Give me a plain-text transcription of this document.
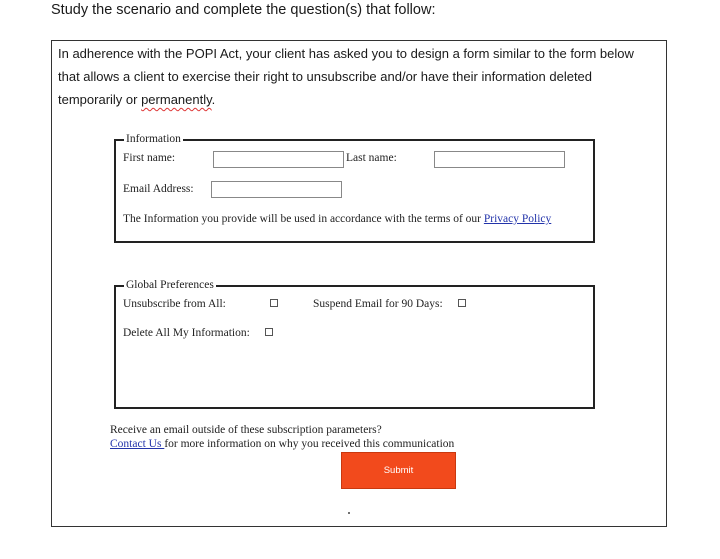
Study the scenario and complete the question(s) that follow:
In adherence with the POPI Act, your client has asked you to design a form similar to the form below that allows a client to exercise their right to unsubscribe and/or have their information deleted temporarily or permanently.
Information
First name:	Last name:
Email Address:
The Information you provide will be used in accordance with the terms of our Privacy Policy
Global Preferences
Unsubscribe from All:	Suspend Email for 90 Days:
Delete All My Information:
Receive an email outside of these subscription parameters?
Contact Us for more information on why you received this communication
Submit
